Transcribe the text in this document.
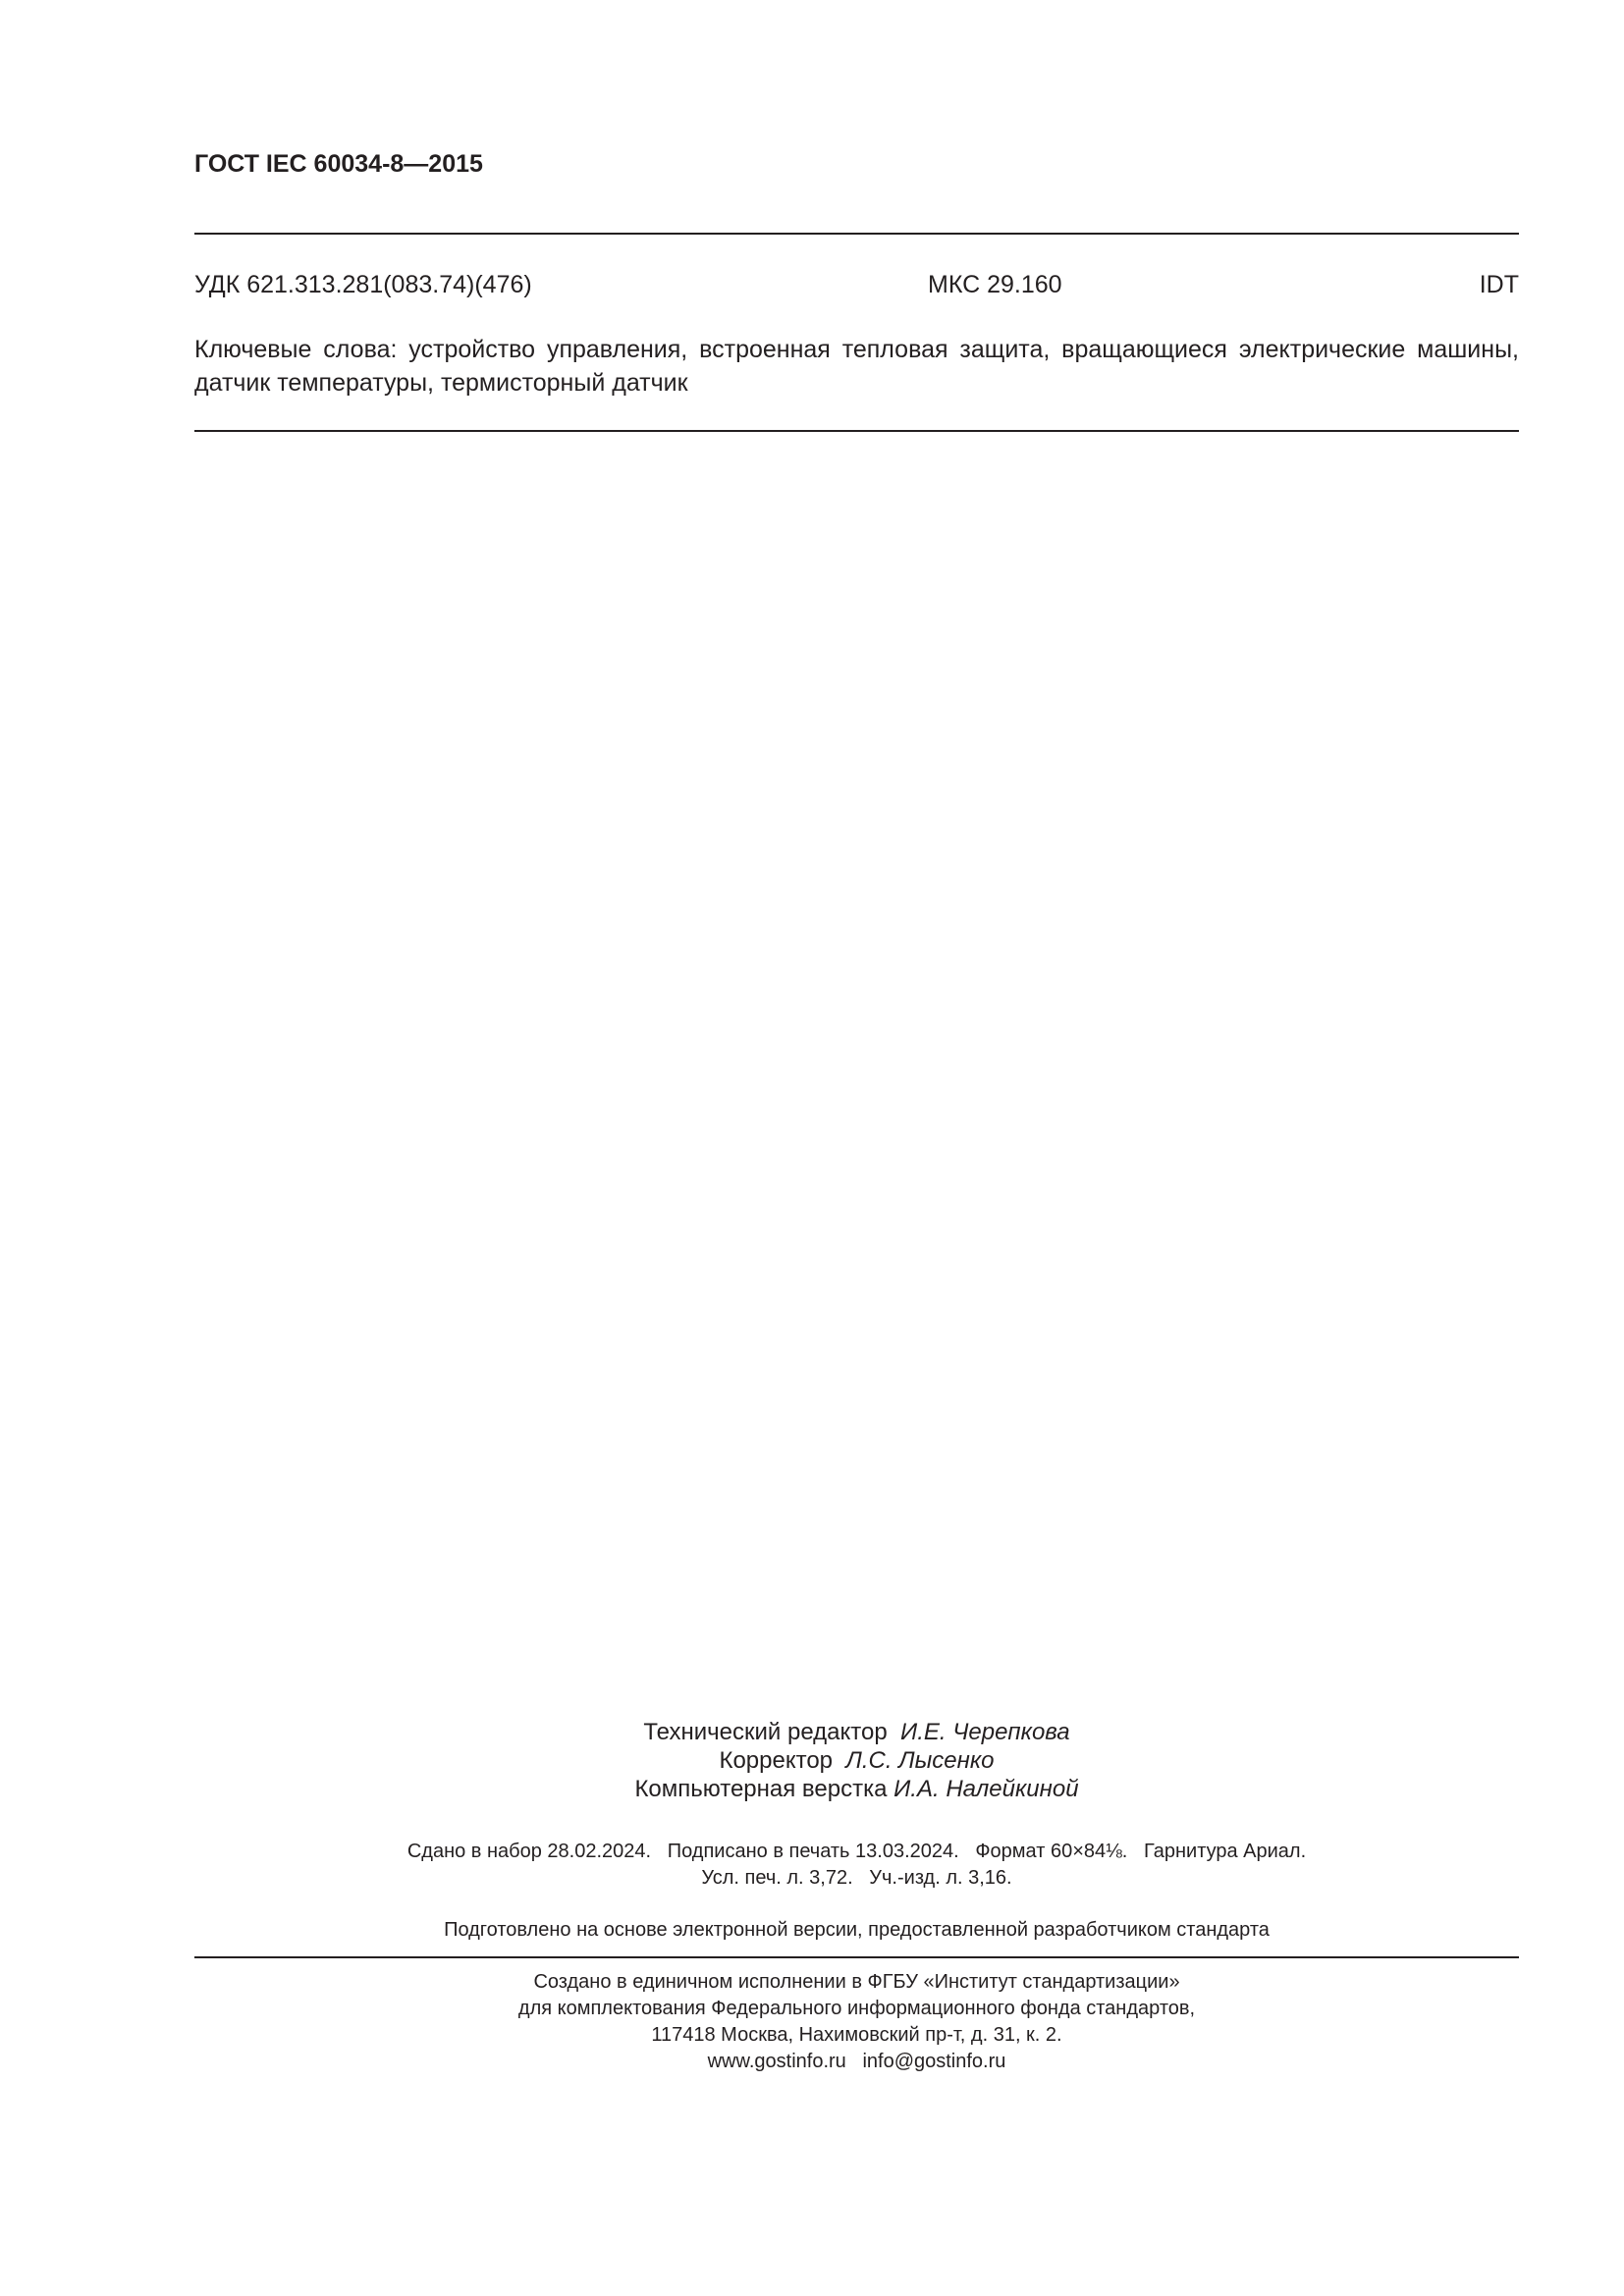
ГОСТ IEC 60034-8—2015
УДК 621.313.281(083.74)(476)	МКС 29.160	IDT
Ключевые слова: устройство управления, встроенная тепловая защита, вращающиеся электрические машины, датчик температуры, термисторный датчик
Технический редактор И.Е. Черепкова
Корректор Л.С. Лысенко
Компьютерная верстка И.А. Налейкиной
Сдано в набор 28.02.2024.   Подписано в печать 13.03.2024.   Формат 60×84⅛.   Гарнитура Ариал.
Усл. печ. л. 3,72.   Уч.-изд. л. 3,16.
Подготовлено на основе электронной версии, предоставленной разработчиком стандарта
Создано в единичном исполнении в ФГБУ «Институт стандартизации»
для комплектования Федерального информационного фонда стандартов,
117418 Москва, Нахимовский пр-т, д. 31, к. 2.
www.gostinfo.ru   info@gostinfo.ru
